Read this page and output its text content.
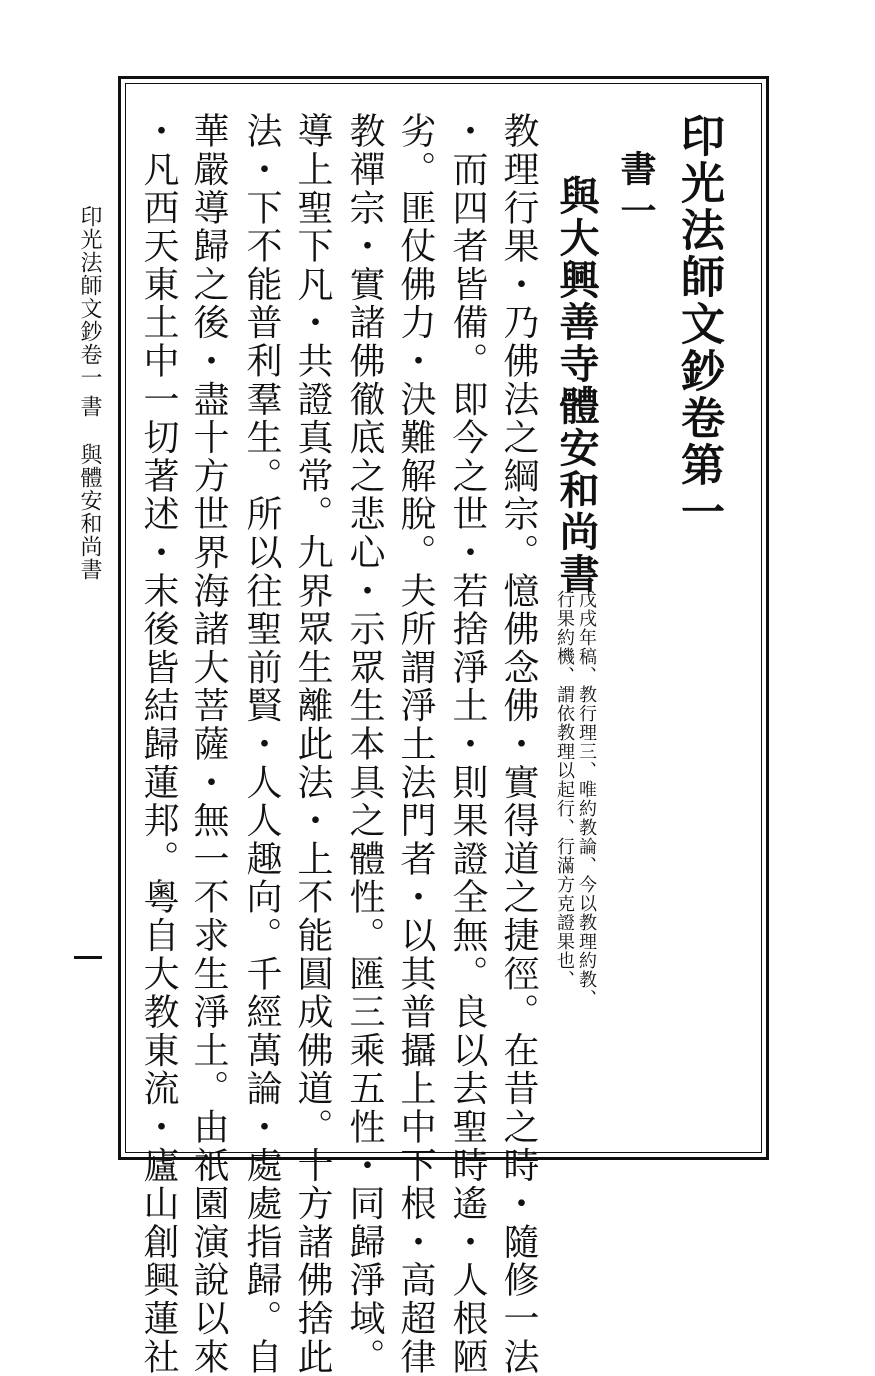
印光法師文鈔卷第一
書一
與大興善寺體安和尚書
戊戌年稿、教行理三、唯約教論、今以教理約教、
行果約機、謂依教理以起行、行滿方克證果也、
教理行果・乃佛法之綱宗。憶佛念佛・實得道之捷徑。在昔之時・隨修一法
・而四者皆備。即今之世・若捨淨土・則果證全無。良以去聖時遙・人根陋
劣。匪仗佛力・決難解脫。夫所謂淨土法門者・以其普攝上中下根・高超律
教禪宗・實諸佛徹底之悲心・示眾生本具之體性。匯三乘五性・同歸淨域。
導上聖下凡・共證真常。九界眾生離此法・上不能圓成佛道。十方諸佛捨此
法・下不能普利羣生。所以往聖前賢・人人趣向。千經萬論・處處指歸。自
華嚴導歸之後・盡十方世界海諸大菩薩・無一不求生淨土。由祇園演說以來
・凡西天東土中一切著述・末後皆結歸蓮邦。粵自大教東流・廬山創興蓮社
印光法師文鈔卷一
書
與體安和尚書
